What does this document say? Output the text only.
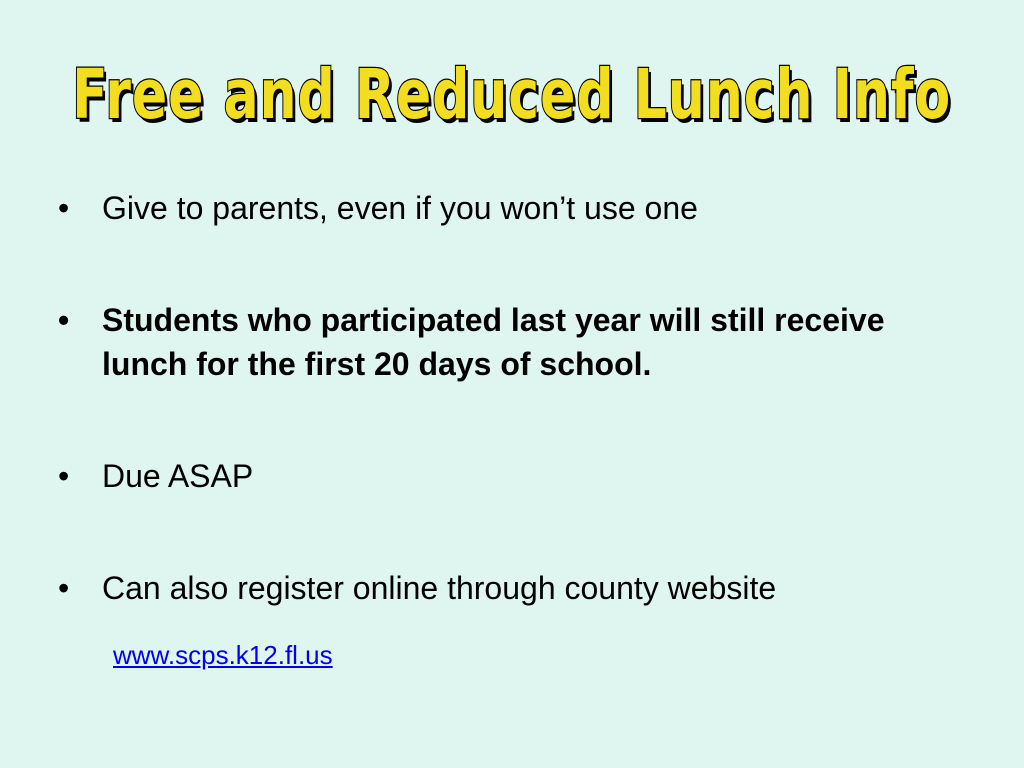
Free and Reduced Lunch Info
• Give to parents, even if you won’t use one
• Students who participated last year will still receive lunch for the first 20 days of school.
• Due ASAP
• Can also register online through county website
www.scps.k12.fl.us
